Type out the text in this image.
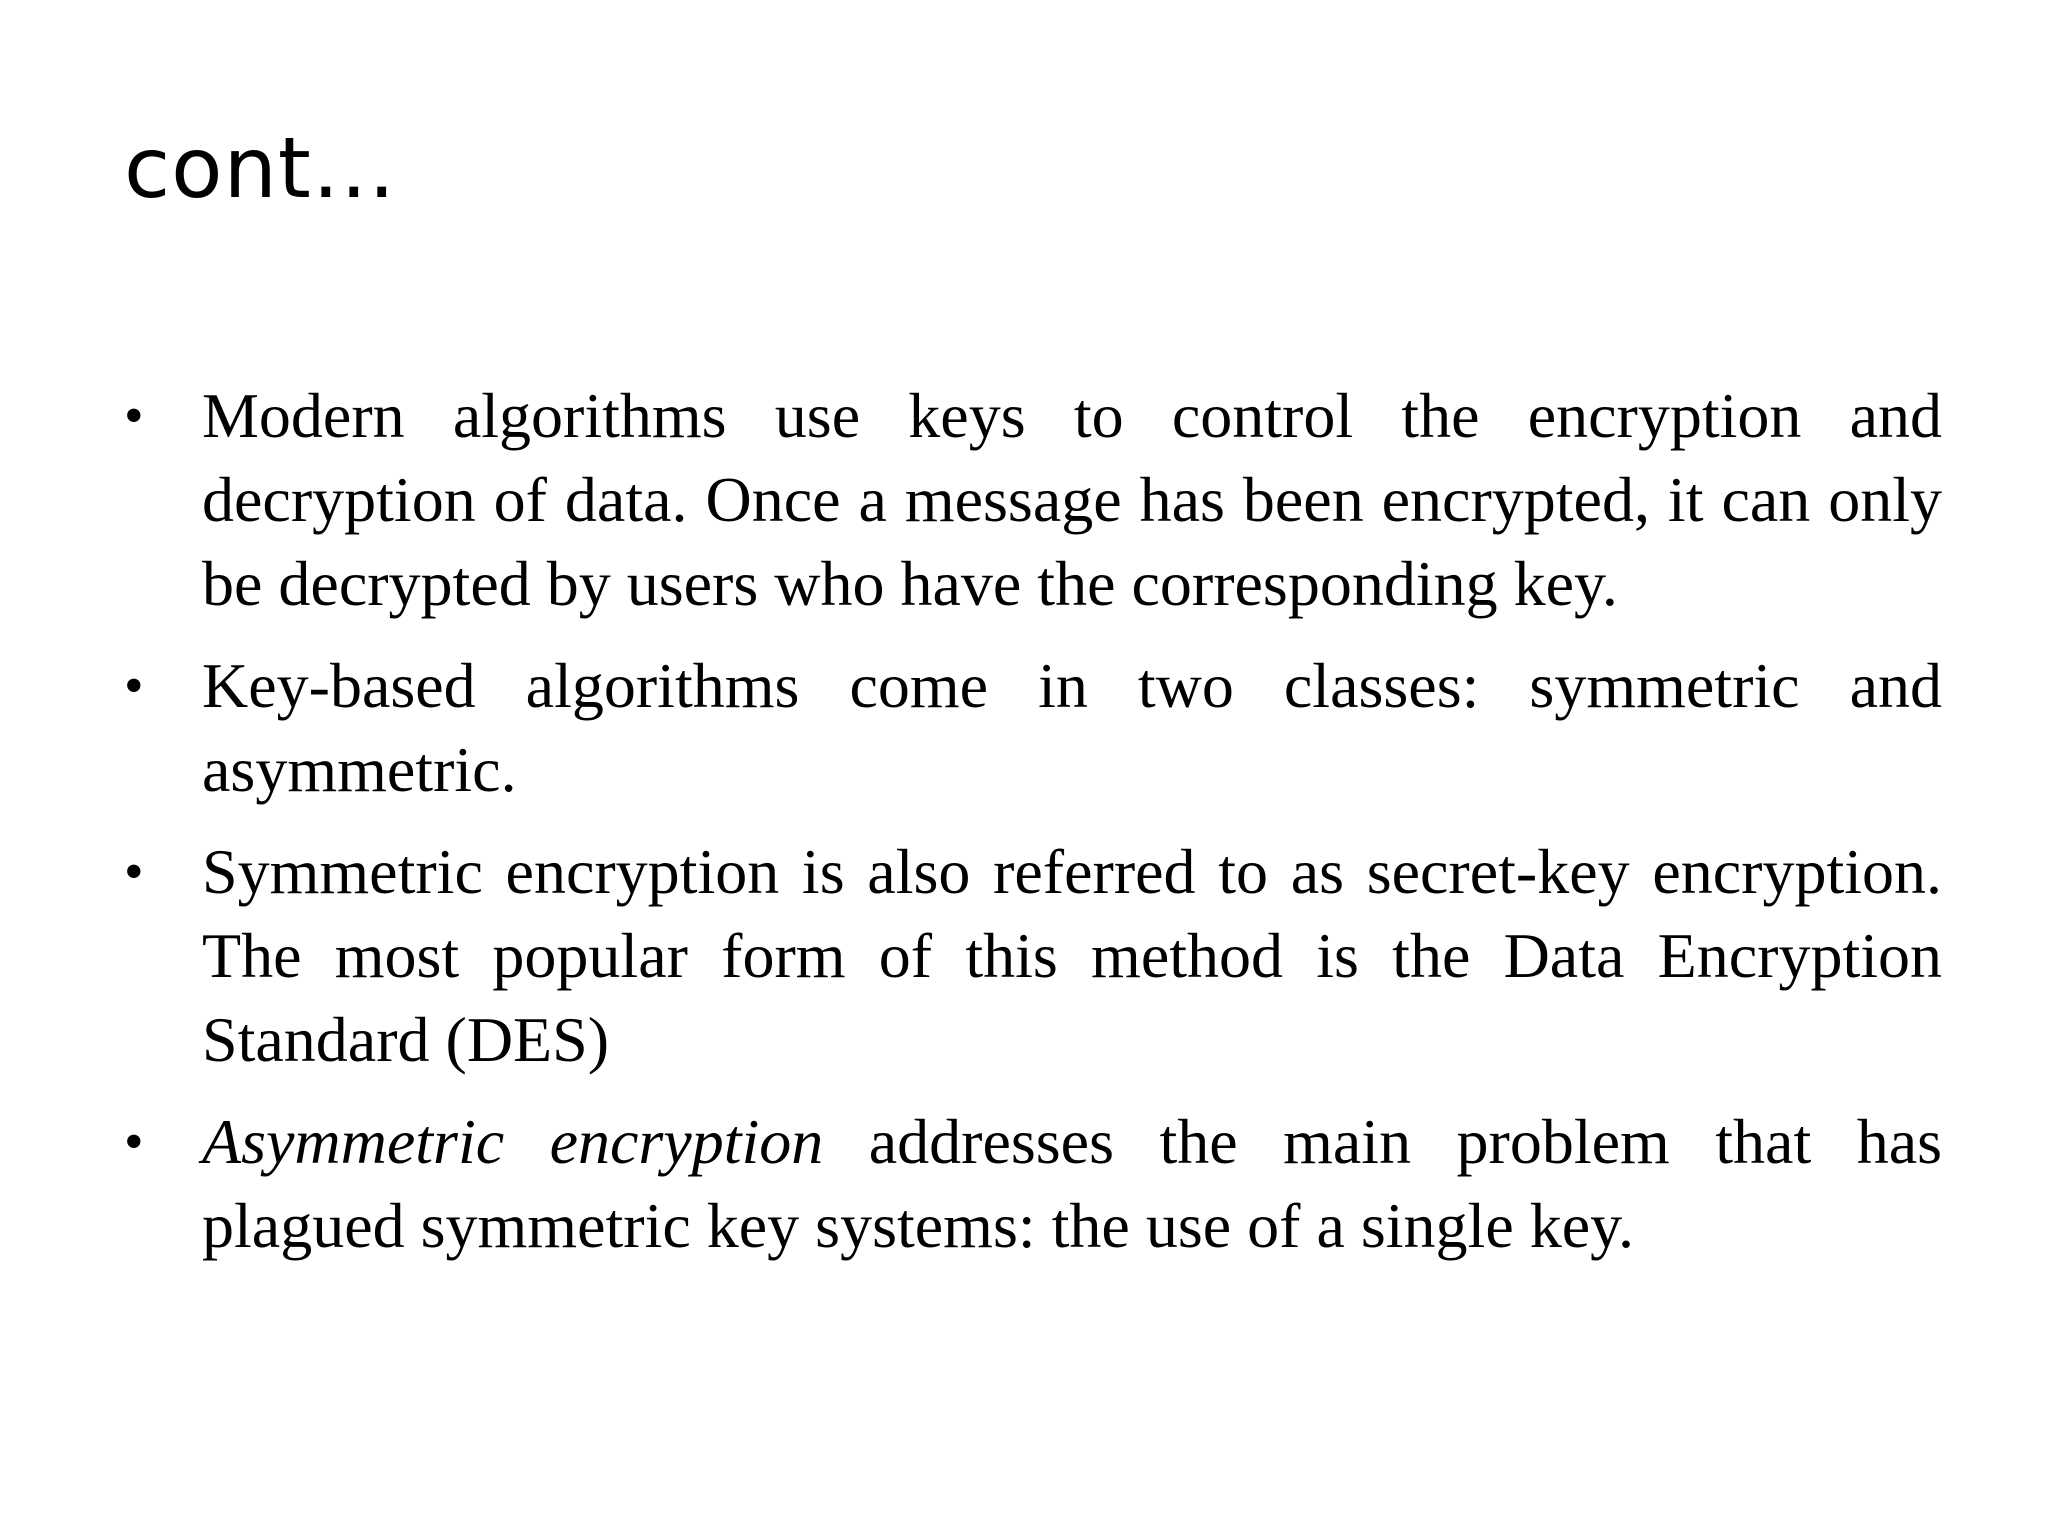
cont…
• Modern algorithms use keys to control the encryption and decryption of data. Once a message has been encrypted, it can only be decrypted by users who have the corresponding key.
• Key-based algorithms come in two classes: symmetric and asymmetric.
• Symmetric encryption is also referred to as secret-key encryption. The most popular form of this method is the Data Encryption Standard (DES)
• Asymmetric encryption addresses the main problem that has plagued symmetric key systems: the use of a single key.
